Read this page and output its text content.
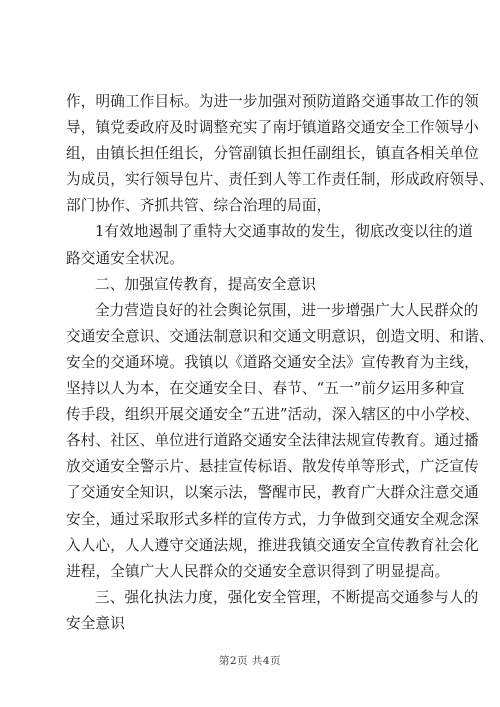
作，明确工作目标。为进一步加强对预防道路交通事故工作的领
导，镇党委政府及时调整充实了南圩镇道路交通安全工作领导小
组，由镇长担任组长，分管副镇长担任副组长，镇直各相关单位
为成员，实行领导包片、责任到人等工作责任制，形成政府领导、
部门协作、齐抓共管、综合治理的局面，
1有效地遏制了重特大交通事故的发生，彻底改变以往的道
路交通安全状况。
二、加强宣传教育，提高安全意识
全力营造良好的社会舆论氛围，进一步增强广大人民群众的
交通安全意识、交通法制意识和交通文明意识，创造文明、和谐、
安全的交通环境。我镇以《道路交通安全法》宣传教育为主线，
坚持以人为本，在交通安全日、春节、“五一”前夕运用多种宣
传手段，组织开展交通安全“五进”活动，深入辖区的中小学校、
各村、社区、单位进行道路交通安全法律法规宣传教育。通过播
放交通安全警示片、悬挂宣传标语、散发传单等形式，广泛宣传
了交通安全知识，以案示法，警醒市民，教育广大群众注意交通
安全，通过采取形式多样的宣传方式，力争做到交通安全观念深
入人心，人人遵守交通法规，推进我镇交通安全宣传教育社会化
进程，全镇广大人民群众的交通安全意识得到了明显提高。
三、强化执法力度，强化安全管理，不断提高交通参与人的
安全意识
第2页 共4页
